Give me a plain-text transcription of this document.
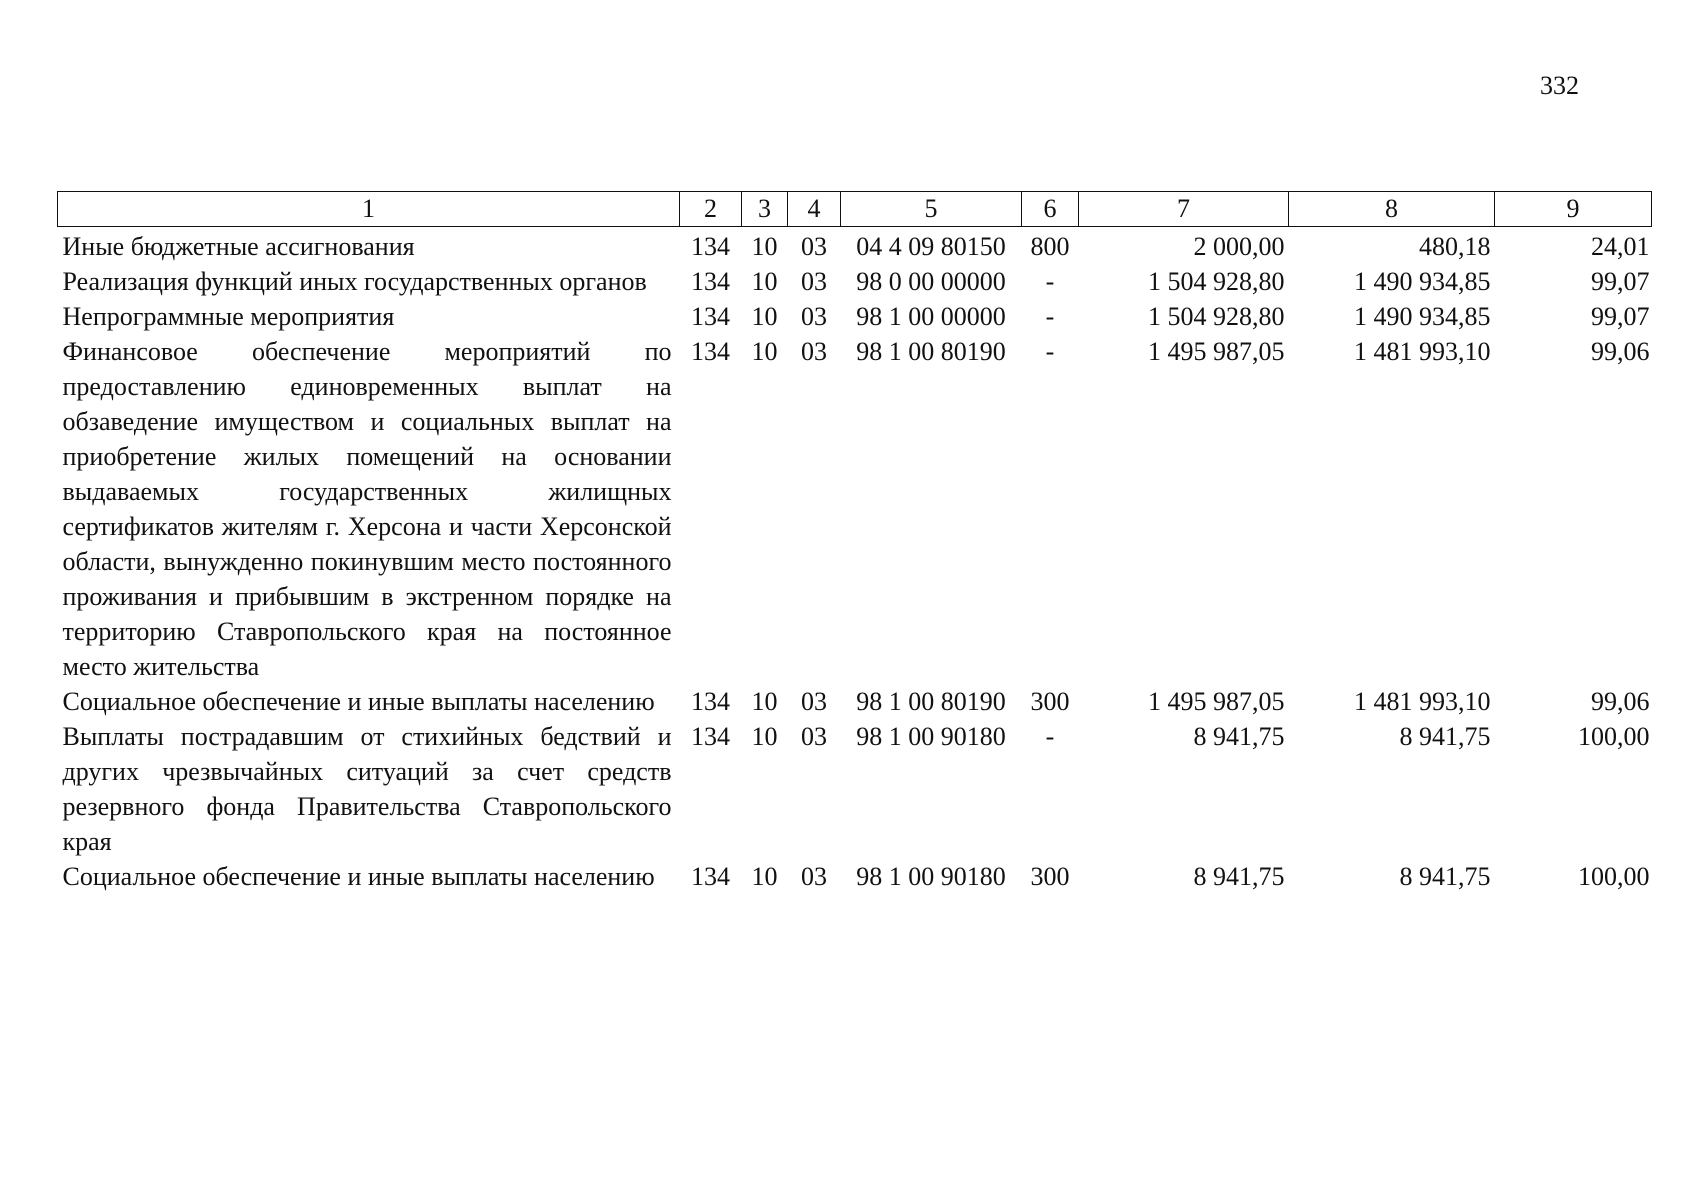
332
1	2	3	4	5	6	7	8	9
Иные бюджетные ассигнования	134	10	03	04 4 09 80150	800	2 000,00	480,18	24,01
Реализация функций иных государственных органов	134	10	03	98 0 00 00000	-	1 504 928,80	1 490 934,85	99,07
Непрограммные мероприятия	134	10	03	98 1 00 00000	-	1 504 928,80	1 490 934,85	99,07
Финансовое обеспечение мероприятий по предоставлению единовременных выплат на обзаведение имуществом и социальных выплат на приобретение жилых помещений на основании выдаваемых государственных жилищных сертификатов жителям г. Херсона и части Херсонской области, вынужденно покинувшим место постоянного проживания и прибывшим в экстренном порядке на территорию Ставропольского края на постоянное место жительства	134	10	03	98 1 00 80190	-	1 495 987,05	1 481 993,10	99,06
Социальное обеспечение и иные выплаты населению	134	10	03	98 1 00 80190	300	1 495 987,05	1 481 993,10	99,06
Выплаты пострадавшим от стихийных бедствий и других чрезвычайных ситуаций за счет средств резервного фонда Правительства Ставропольского края	134	10	03	98 1 00 90180	-	8 941,75	8 941,75	100,00
Социальное обеспечение и иные выплаты населению	134	10	03	98 1 00 90180	300	8 941,75	8 941,75	100,00
